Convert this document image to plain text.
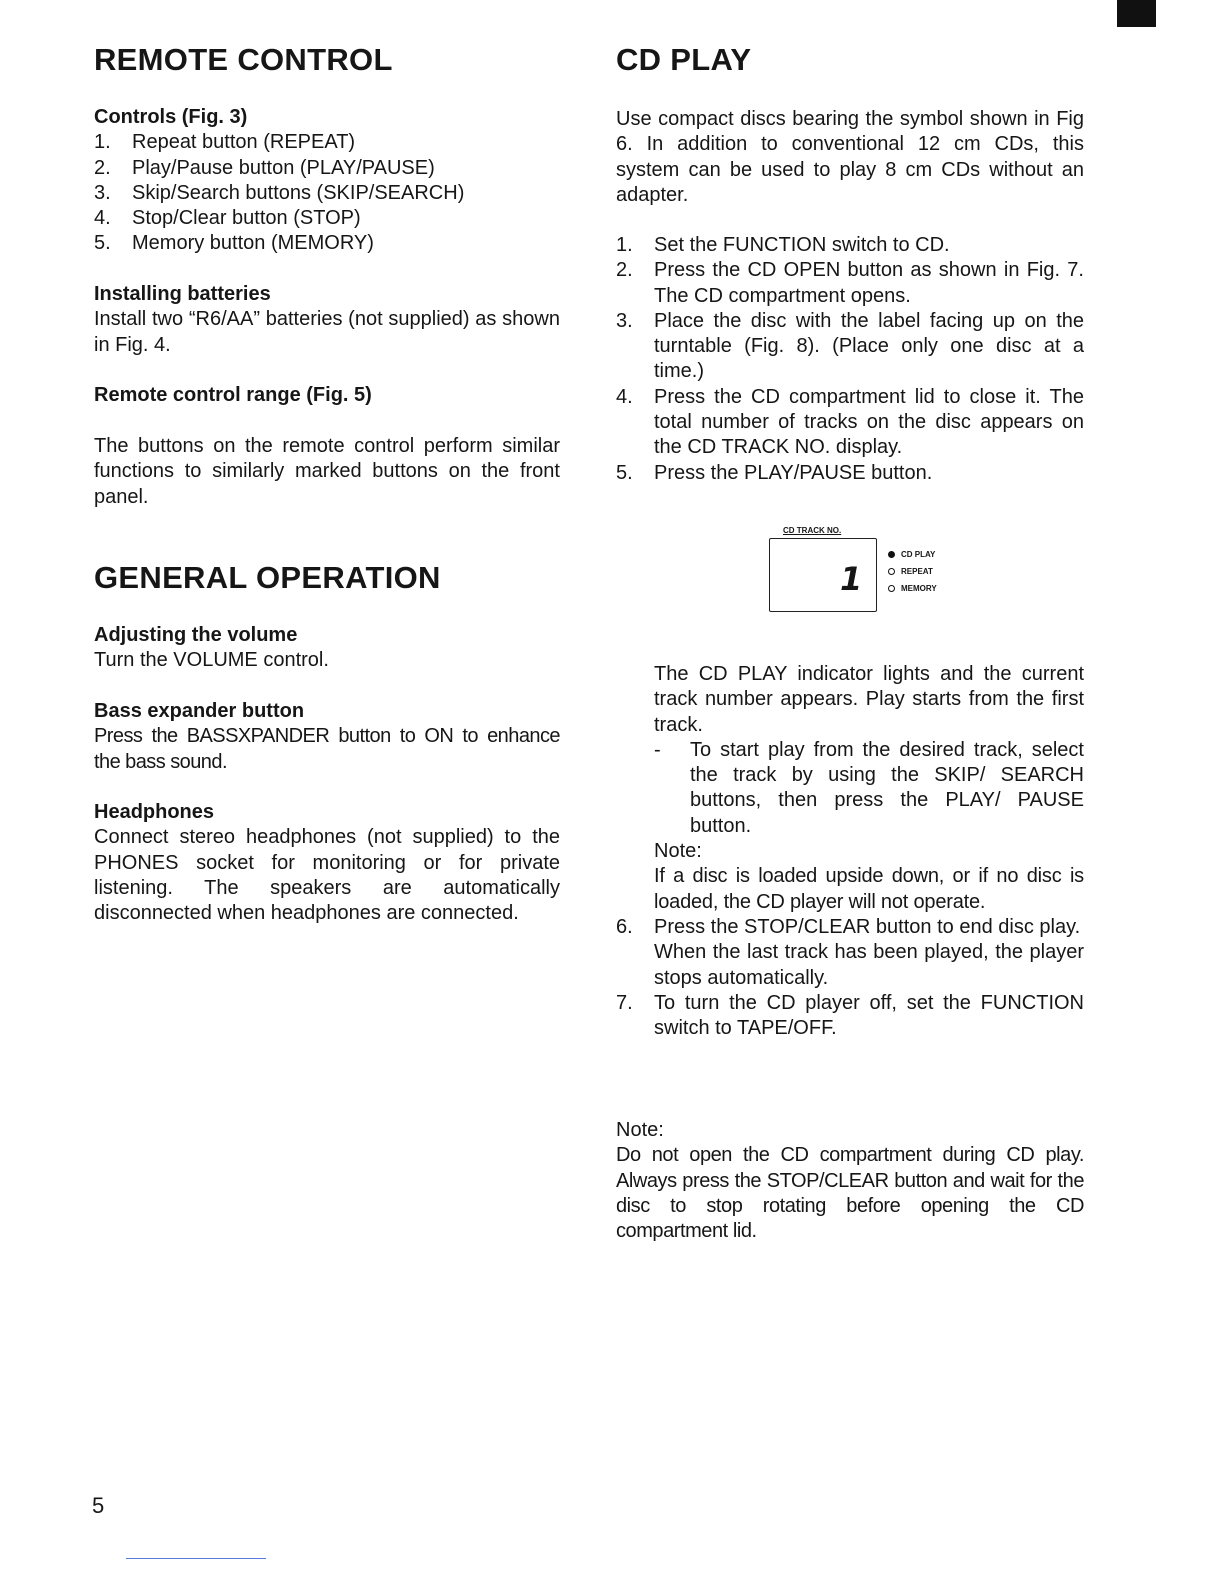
REMOTE CONTROL

Controls (Fig. 3)

1. Repeat button (REPEAT)
2. Play/Pause button (PLAY/PAUSE)
3. Skip/Search buttons (SKIP/SEARCH)
4. Stop/Clear button (STOP)
5. Memory button (MEMORY)

Installing batteries

Install two “R6/AA” batteries (not supplied) as shown in Fig. 4.

Remote control range (Fig. 5)

The buttons on the remote control perform similar functions to similarly marked buttons on the front panel.

GENERAL OPERATION

Adjusting the volume

Turn the VOLUME control.

Bass expander button

Press the BASSXPANDER button to ON to enhance the bass sound.

Headphones

Connect stereo headphones (not supplied) to the PHONES socket for monitoring or for private listening. The speakers are automatically disconnected when headphones are connected.

CD PLAY

Use compact discs bearing the symbol shown in Fig 6. In addition to conventional 12 cm CDs, this system can be used to play 8 cm CDs without an adapter.

1. Set the FUNCTION switch to CD.
2. Press the CD OPEN button as shown in Fig. 7. The CD compartment opens.
3. Place the disc with the label facing up on the turntable (Fig. 8). (Place only one disc at a time.)
4. Press the CD compartment lid to close it. The total number of tracks on the disc appears on the CD TRACK NO. display.
5. Press the PLAY/PAUSE button.

The CD PLAY indicator lights and the current track number appears. Play starts from the first track.

- To start play from the desired track, select the track by using the SKIP/ SEARCH buttons, then press the PLAY/ PAUSE button.

Note:

If a disc is loaded upside down, or if no disc is loaded, the CD player will not operate.

6. Press the STOP/CLEAR button to end disc play.

When the last track has been played, the player stops automatically.

7. To turn the CD player off, set the FUNCTION switch to TAPE/OFF.

Note:

Do not open the CD compartment during CD play. Always press the STOP/CLEAR button and wait for the disc to stop rotating before opening the CD compartment lid.

CD TRACK NO.
1
CD PLAY
REPEAT
MEMORY
5
